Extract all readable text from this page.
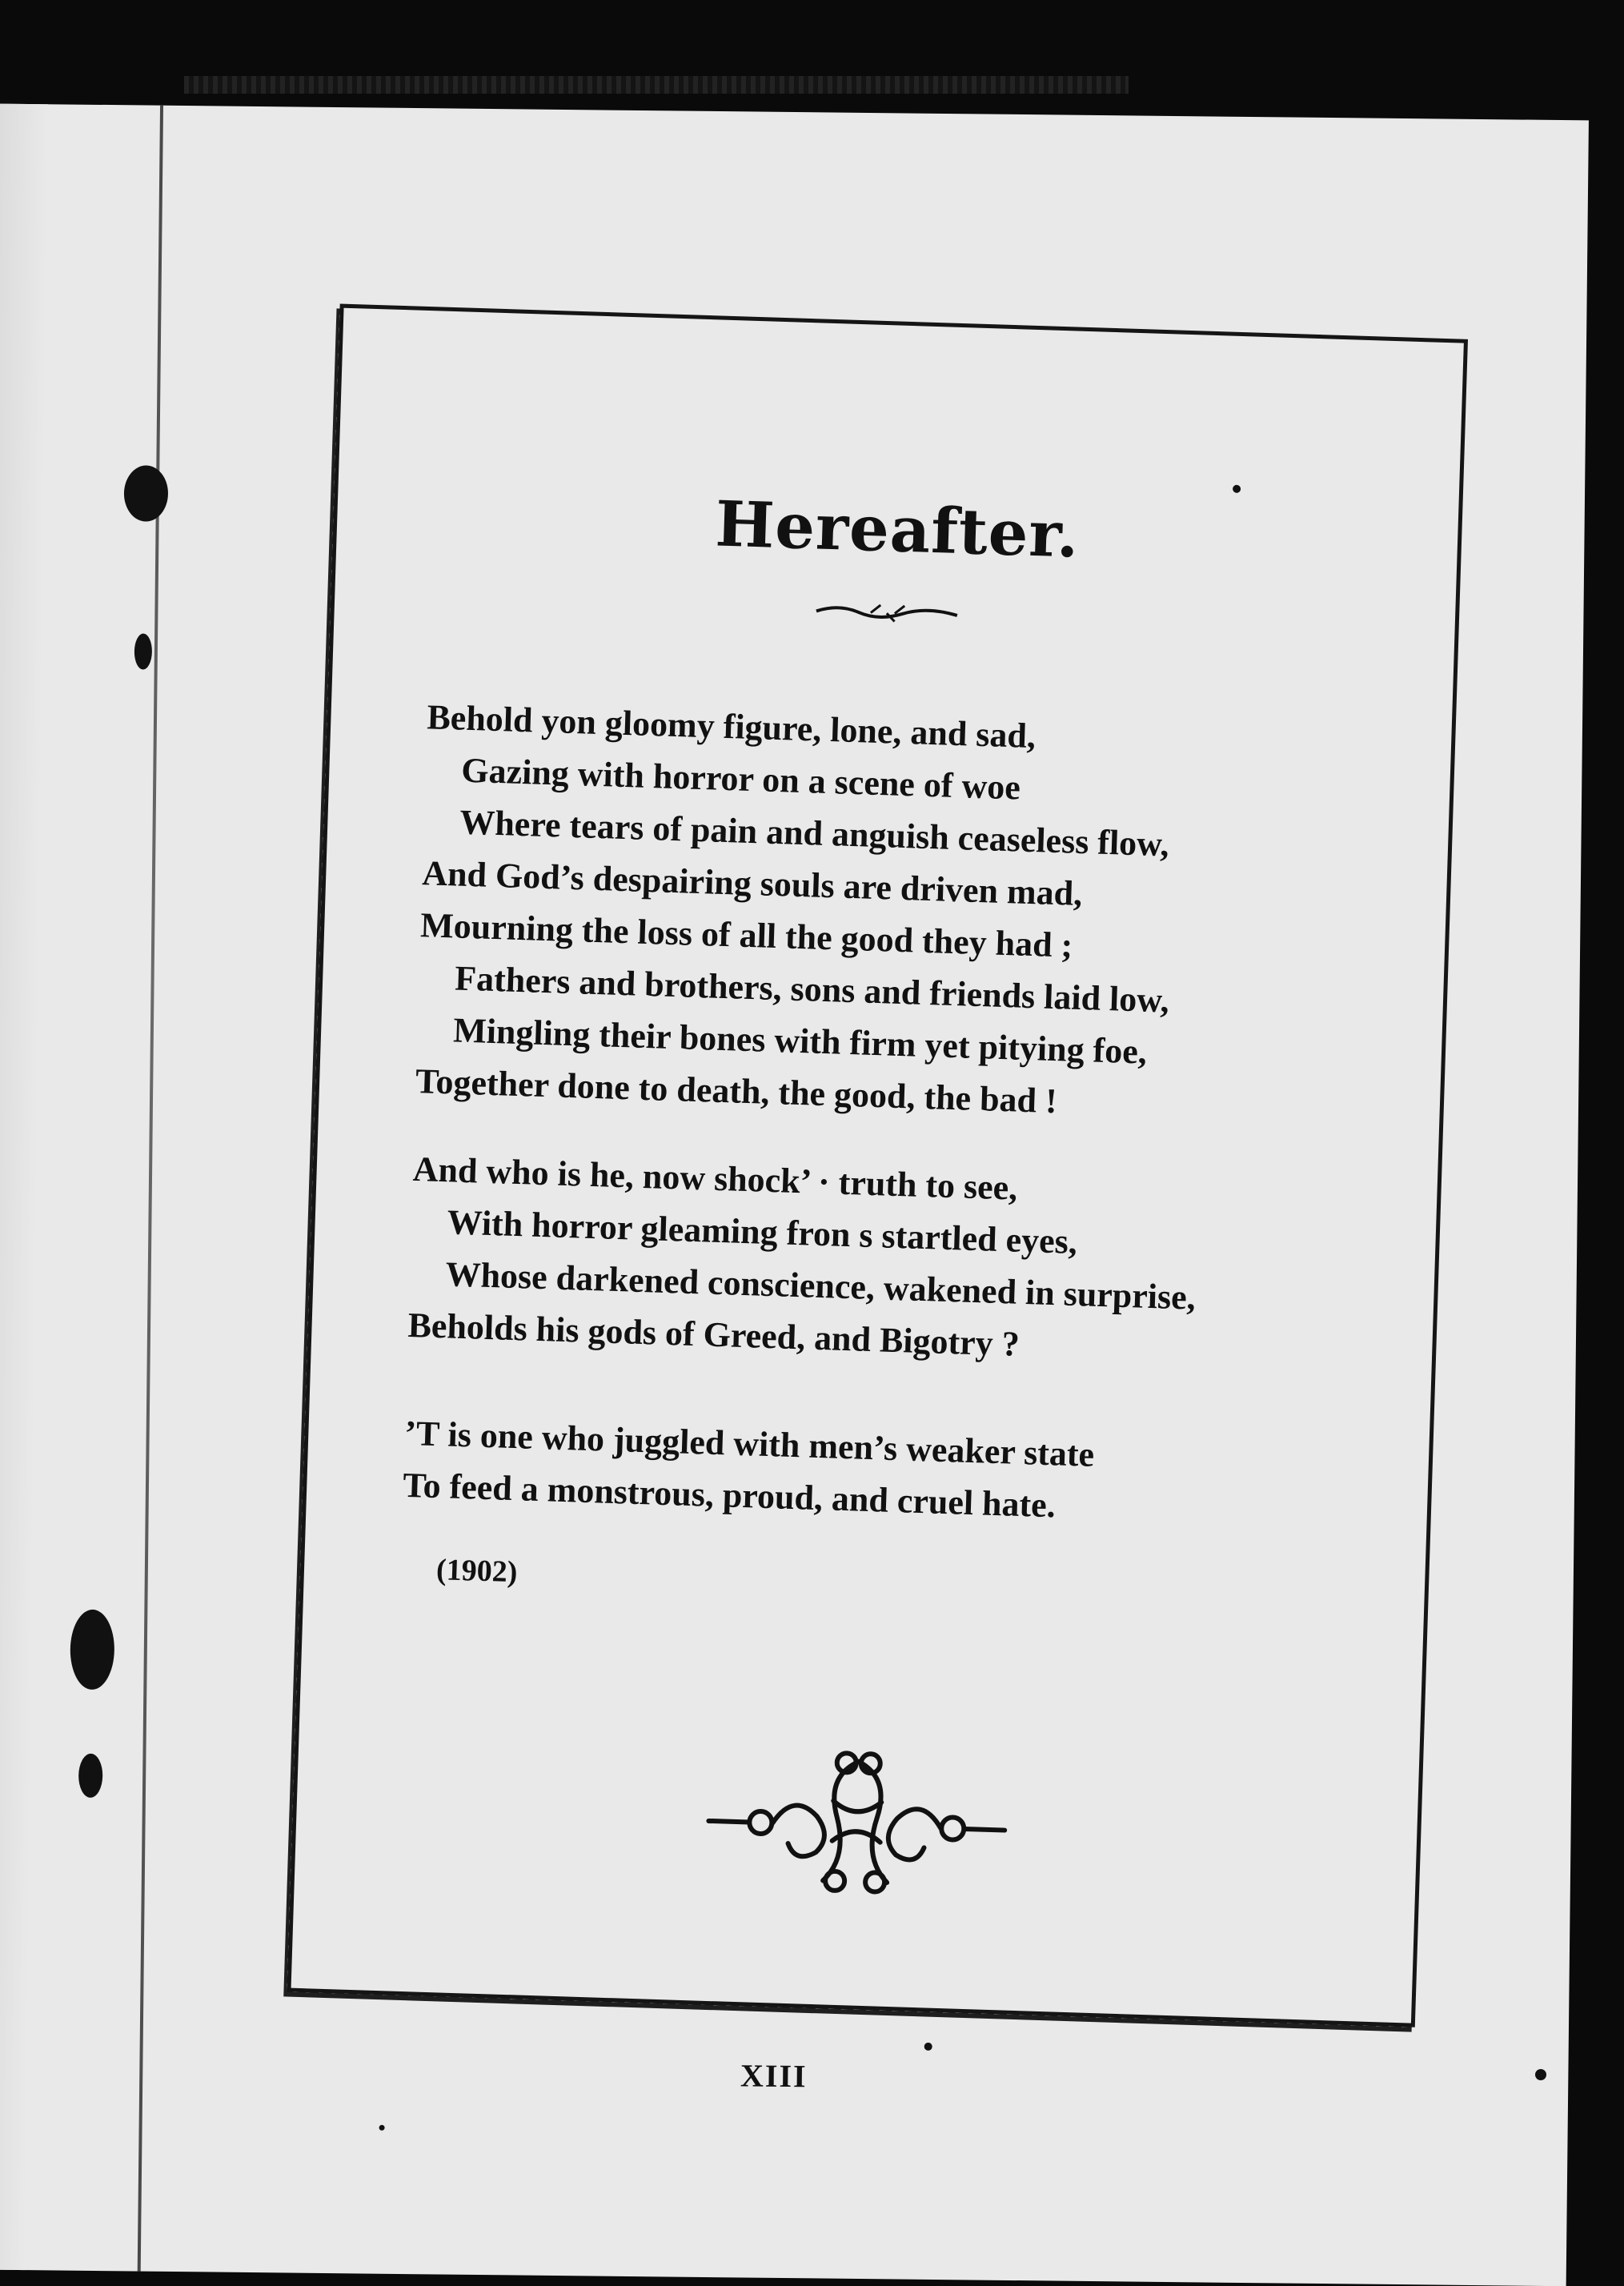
Hereafter.
Behold yon gloomy figure, lone, and sad,
Gazing with horror on a scene of woe
Where tears of pain and anguish ceaseless flow,
And God’s despairing souls are driven mad,
Mourning the loss of all the good they had ;
Fathers and brothers, sons and friends laid low,
Mingling their bones with firm yet pitying foe,
Together done to death, the good, the bad !
And who is he, now shock’ · truth to see,
With horror gleaming fron s startled eyes,
Whose darkened conscience, wakened in surprise,
Beholds his gods of Greed, and Bigotry ?
’T is one who juggled with men’s weaker state
To feed a monstrous, proud, and cruel hate.
(1902)
XIII
